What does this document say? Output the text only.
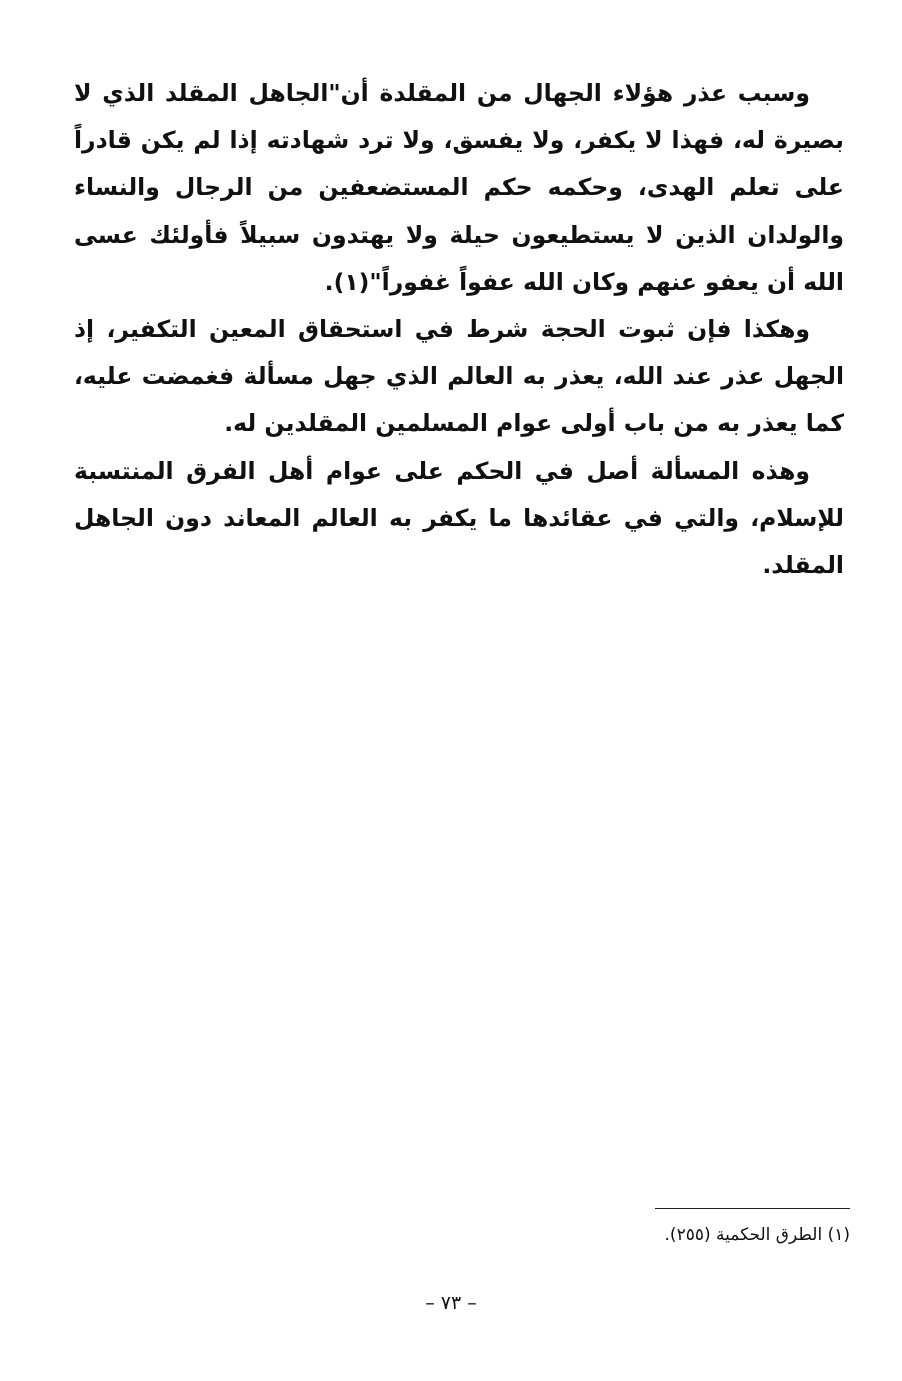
وسبب عذر هؤلاء الجهال من المقلدة أن"الجاهل المقلد الذي لا بصيرة له، فهذا لا يكفر، ولا يفسق، ولا ترد شهادته إذا لم يكن قادراً على تعلم الهدى، وحكمه حكم المستضعفين من الرجال والنساء والولدان الذين لا يستطيعون حيلة ولا يهتدون سبيلاً فأولئك عسى الله أن يعفو عنهم وكان الله عفواً غفوراً"(١).

وهكذا فإن ثبوت الحجة شرط في استحقاق المعين التكفير، إذ الجهل عذر عند الله، يعذر به العالم الذي جهل مسألة فغمضت عليه، كما يعذر به من باب أولى عوام المسلمين المقلدين له.

وهذه المسألة أصل في الحكم على عوام أهل الفرق المنتسبة للإسلام، والتي في عقائدها ما يكفر به العالم المعاند دون الجاهل المقلد.

(١) الطرق الحكمية (٢٥٥).
– ٧٣ –
